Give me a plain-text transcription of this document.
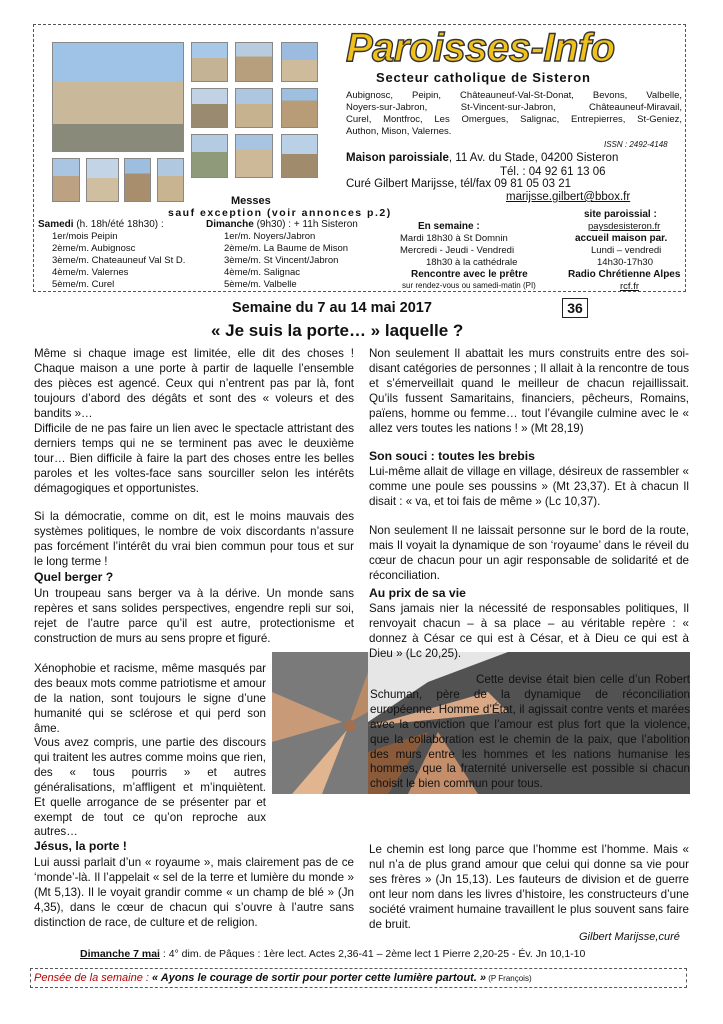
Paroisses-Info
Secteur catholique de Sisteron
Aubignosc, Peipin, Châteauneuf-Val-St-Donat, Bevons, Valbelle,
Noyers-sur-Jabron, St-Vincent-sur-Jabron, Châteauneuf-Miravail,
Curel, Montfroc, Les Omergues, Salignac, Entrepierres, St-Geniez,
Authon, Mison, Valernes.
ISSN : 2492-4148
Maison paroissiale, 11 Av. du Stade, 04200 Sisteron
Tél. : 04 92 61 13 06
Curé Gilbert Marijsse, tél/fax 09 81 05 03 21
marijsse.gilbert@bbox.fr
Messes
sauf exception (voir annonces p.2)
Samedi (h. 18h/été 18h30) :
1er/mois Peipin
2ème/m. Aubignosc
3ème/m. Chateauneuf Val St D.
4ème/m. Valernes
5ème/m. Curel
Dimanche (9h30) : + 11h Sisteron
1er/m. Noyers/Jabron
2ème/m. La Baume de Mison
3ème/m. St Vincent/Jabron
4ème/m. Salignac
5ème/m. Valbelle
En semaine :
Mardi 18h30 à St Domnin
Mercredi - Jeudi - Vendredi
18h30 à la cathédrale
Rencontre avec le prêtre
sur rendez-vous ou samedi-matin (PI)
site paroissial :
paysdesisteron.fr
accueil maison par.
Lundi – vendredi
14h30-17h30
Radio Chrétienne Alpes
rcf.fr
Semaine du 7 au 14 mai 2017	36
« Je suis la porte… » laquelle ?

Même si chaque image est limitée, elle dit des choses ! Chaque maison a une porte à partir de laquelle l’ensemble des pièces est agencé. Ceux qui n’entrent pas par là, font toujours d’abord des dégâts et sont des « voleurs et des bandits »…

Difficile de ne pas faire un lien avec le spectacle attristant des derniers temps qui ne se terminent pas avec le deuxième tour… Bien difficile à faire la part des choses entre les belles paroles et les voltes-face sans sourciller selon les intérêts démagogiques et opportunistes.

Si la démocratie, comme on dit, est le moins mauvais des systèmes politiques, le nombre de voix discordants n’assure pas forcément l’intérêt du vrai bien commun pour tous et sur le long terme !

Quel berger ?

Un troupeau sans berger va à la dérive. Un monde sans repères et sans solides perspectives, engendre repli sur soi, rejet de l’autre parce qu’il est autre, protectionisme et construction de murs au sens propre et figuré.

Xénophobie et racisme, même masqués par des beaux mots comme patriotisme et amour de la nation, sont toujours le signe d’une humanité qui se sclérose et qui perd son âme.

Vous avez compris, une partie des discours qui traitent les autres comme moins que rien, des « tous pourris » et autres généralisations, m’affligent et m’inquiètent. Et quelle arrogance de se présenter par et exempt de tout ce qu’on reproche aux autres…

Jésus, la porte !

Lui aussi parlait d’un « royaume », mais clairement pas de ce ‘monde’-là. Il l’appelait « sel de la terre et lumière du monde » (Mt 5,13). Il le voyait grandir comme « un champ de blé » (Jn 4,35), dans le cœur de chacun qui s’ouvre à l’autre sans distinction de race, de culture et de religion.

Non seulement Il abattait les murs construits entre des soi-disant catégories de personnes ; Il allait à la rencontre de tous et s’émerveillait quand le meilleur de chacun rejaillissait. Qu’ils fussent Samaritains, financiers, pêcheurs, Romains, païens, homme ou femme… tout l’évangile culmine avec le « allez vers toutes les nations ! » (Mt 28,19)

Son souci : toutes les brebis

Lui-même allait de village en village, désireux de rassembler « comme une poule ses poussins » (Mt 23,37). Et à chacun Il disait : « va, et toi fais de même » (Lc 10,37).

Non seulement Il ne laissait personne sur le bord de la route, mais Il voyait la dynamique de son ‘royaume’ dans le réveil du cœur de chacun pour un agir responsable de solidarité et de réconciliation.

Au prix de sa vie

Sans jamais nier la nécessité de responsables politiques, Il renvoyait chacun – à sa place – au véritable repère : « donnez à César ce qui est à César, et à Dieu ce qui est à Dieu » (Lc 20,25).

Cette devise était bien celle d’un Robert Schuman, père de la dynamique de réconciliation européenne. Homme d’État, il agissait contre vents et marées avec la conviction que l’amour est plus fort que la violence, que la collaboration est le chemin de la paix, que l’abolition des murs entre les hommes et les nations humanise les hommes, que la fraternité universelle est possible si chacun choisit le bien commun pour tous.

Le chemin est long parce que l’homme est l’homme. Mais « nul n’a de plus grand amour que celui qui donne sa vie pour ses frères » (Jn 15,13). Les fauteurs de division et de guerre ont leur nom dans les livres d’histoire, les constructeurs d’une société vraiment humaine travaillent le plus souvent sans faire de bruit.

Gilbert Marijsse,curé
Dimanche 7 mai : 4° dim. de Pâques : 1ère lect. Actes 2,36-41 – 2ème lect 1 Pierre 2,20-25 - Év. Jn 10,1-10
Pensée de la semaine : « Ayons le courage de sortir pour porter cette lumière partout. » (P François)
